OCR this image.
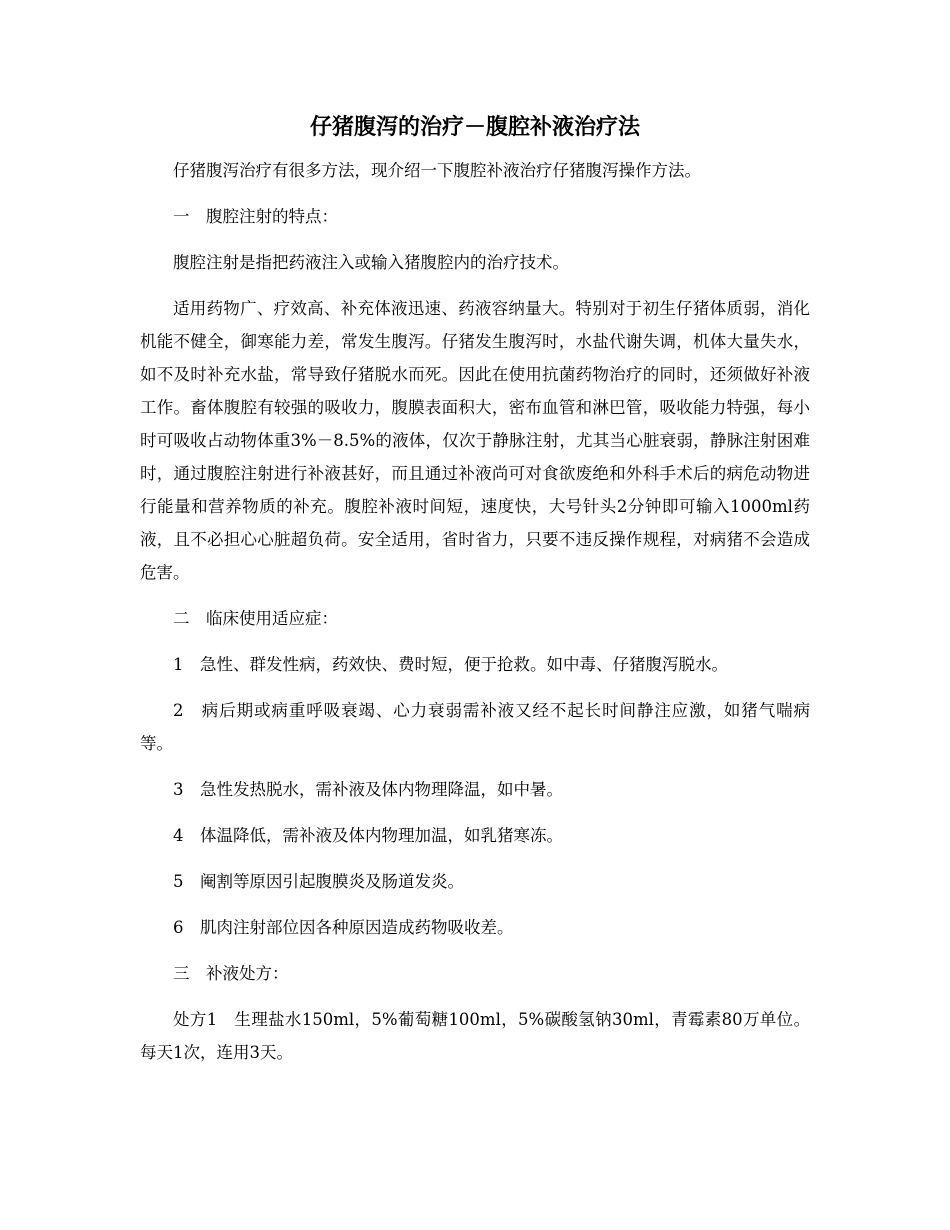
仔猪腹泻的治疗－腹腔补液治疗法

仔猪腹泻治疗有很多方法，现介绍一下腹腔补液治疗仔猪腹泻操作方法。

一　腹腔注射的特点：

腹腔注射是指把药液注入或输入猪腹腔内的治疗技术。

适用药物广、疗效高、补充体液迅速、药液容纳量大。特别对于初生仔猪体质弱，消化机能不健全，御寒能力差，常发生腹泻。仔猪发生腹泻时，水盐代谢失调，机体大量失水，如不及时补充水盐，常导致仔猪脱水而死。因此在使用抗菌药物治疗的同时，还须做好补液工作。畜体腹腔有较强的吸收力，腹膜表面积大，密布血管和淋巴管，吸收能力特强，每小时可吸收占动物体重3%－8.5%的液体，仅次于静脉注射，尤其当心脏衰弱，静脉注射困难时，通过腹腔注射进行补液甚好，而且通过补液尚可对食欲废绝和外科手术后的病危动物进行能量和营养物质的补充。腹腔补液时间短，速度快，大号针头2分钟即可输入1000ml药液，且不必担心心脏超负荷。安全适用，省时省力，只要不违反操作规程，对病猪不会造成危害。

二　临床使用适应症：

1　急性、群发性病，药效快、费时短，便于抢救。如中毒、仔猪腹泻脱水。

2　病后期或病重呼吸衰竭、心力衰弱需补液又经不起长时间静注应激，如猪气喘病等。

3　急性发热脱水，需补液及体内物理降温，如中暑。

4　体温降低，需补液及体内物理加温，如乳猪寒冻。

5　阉割等原因引起腹膜炎及肠道发炎。

6　肌肉注射部位因各种原因造成药物吸收差。

三　补液处方：

处方1　生理盐水150ml，5%葡萄糖100ml，5%碳酸氢钠30ml，青霉素80万单位。每天1次，连用3天。
